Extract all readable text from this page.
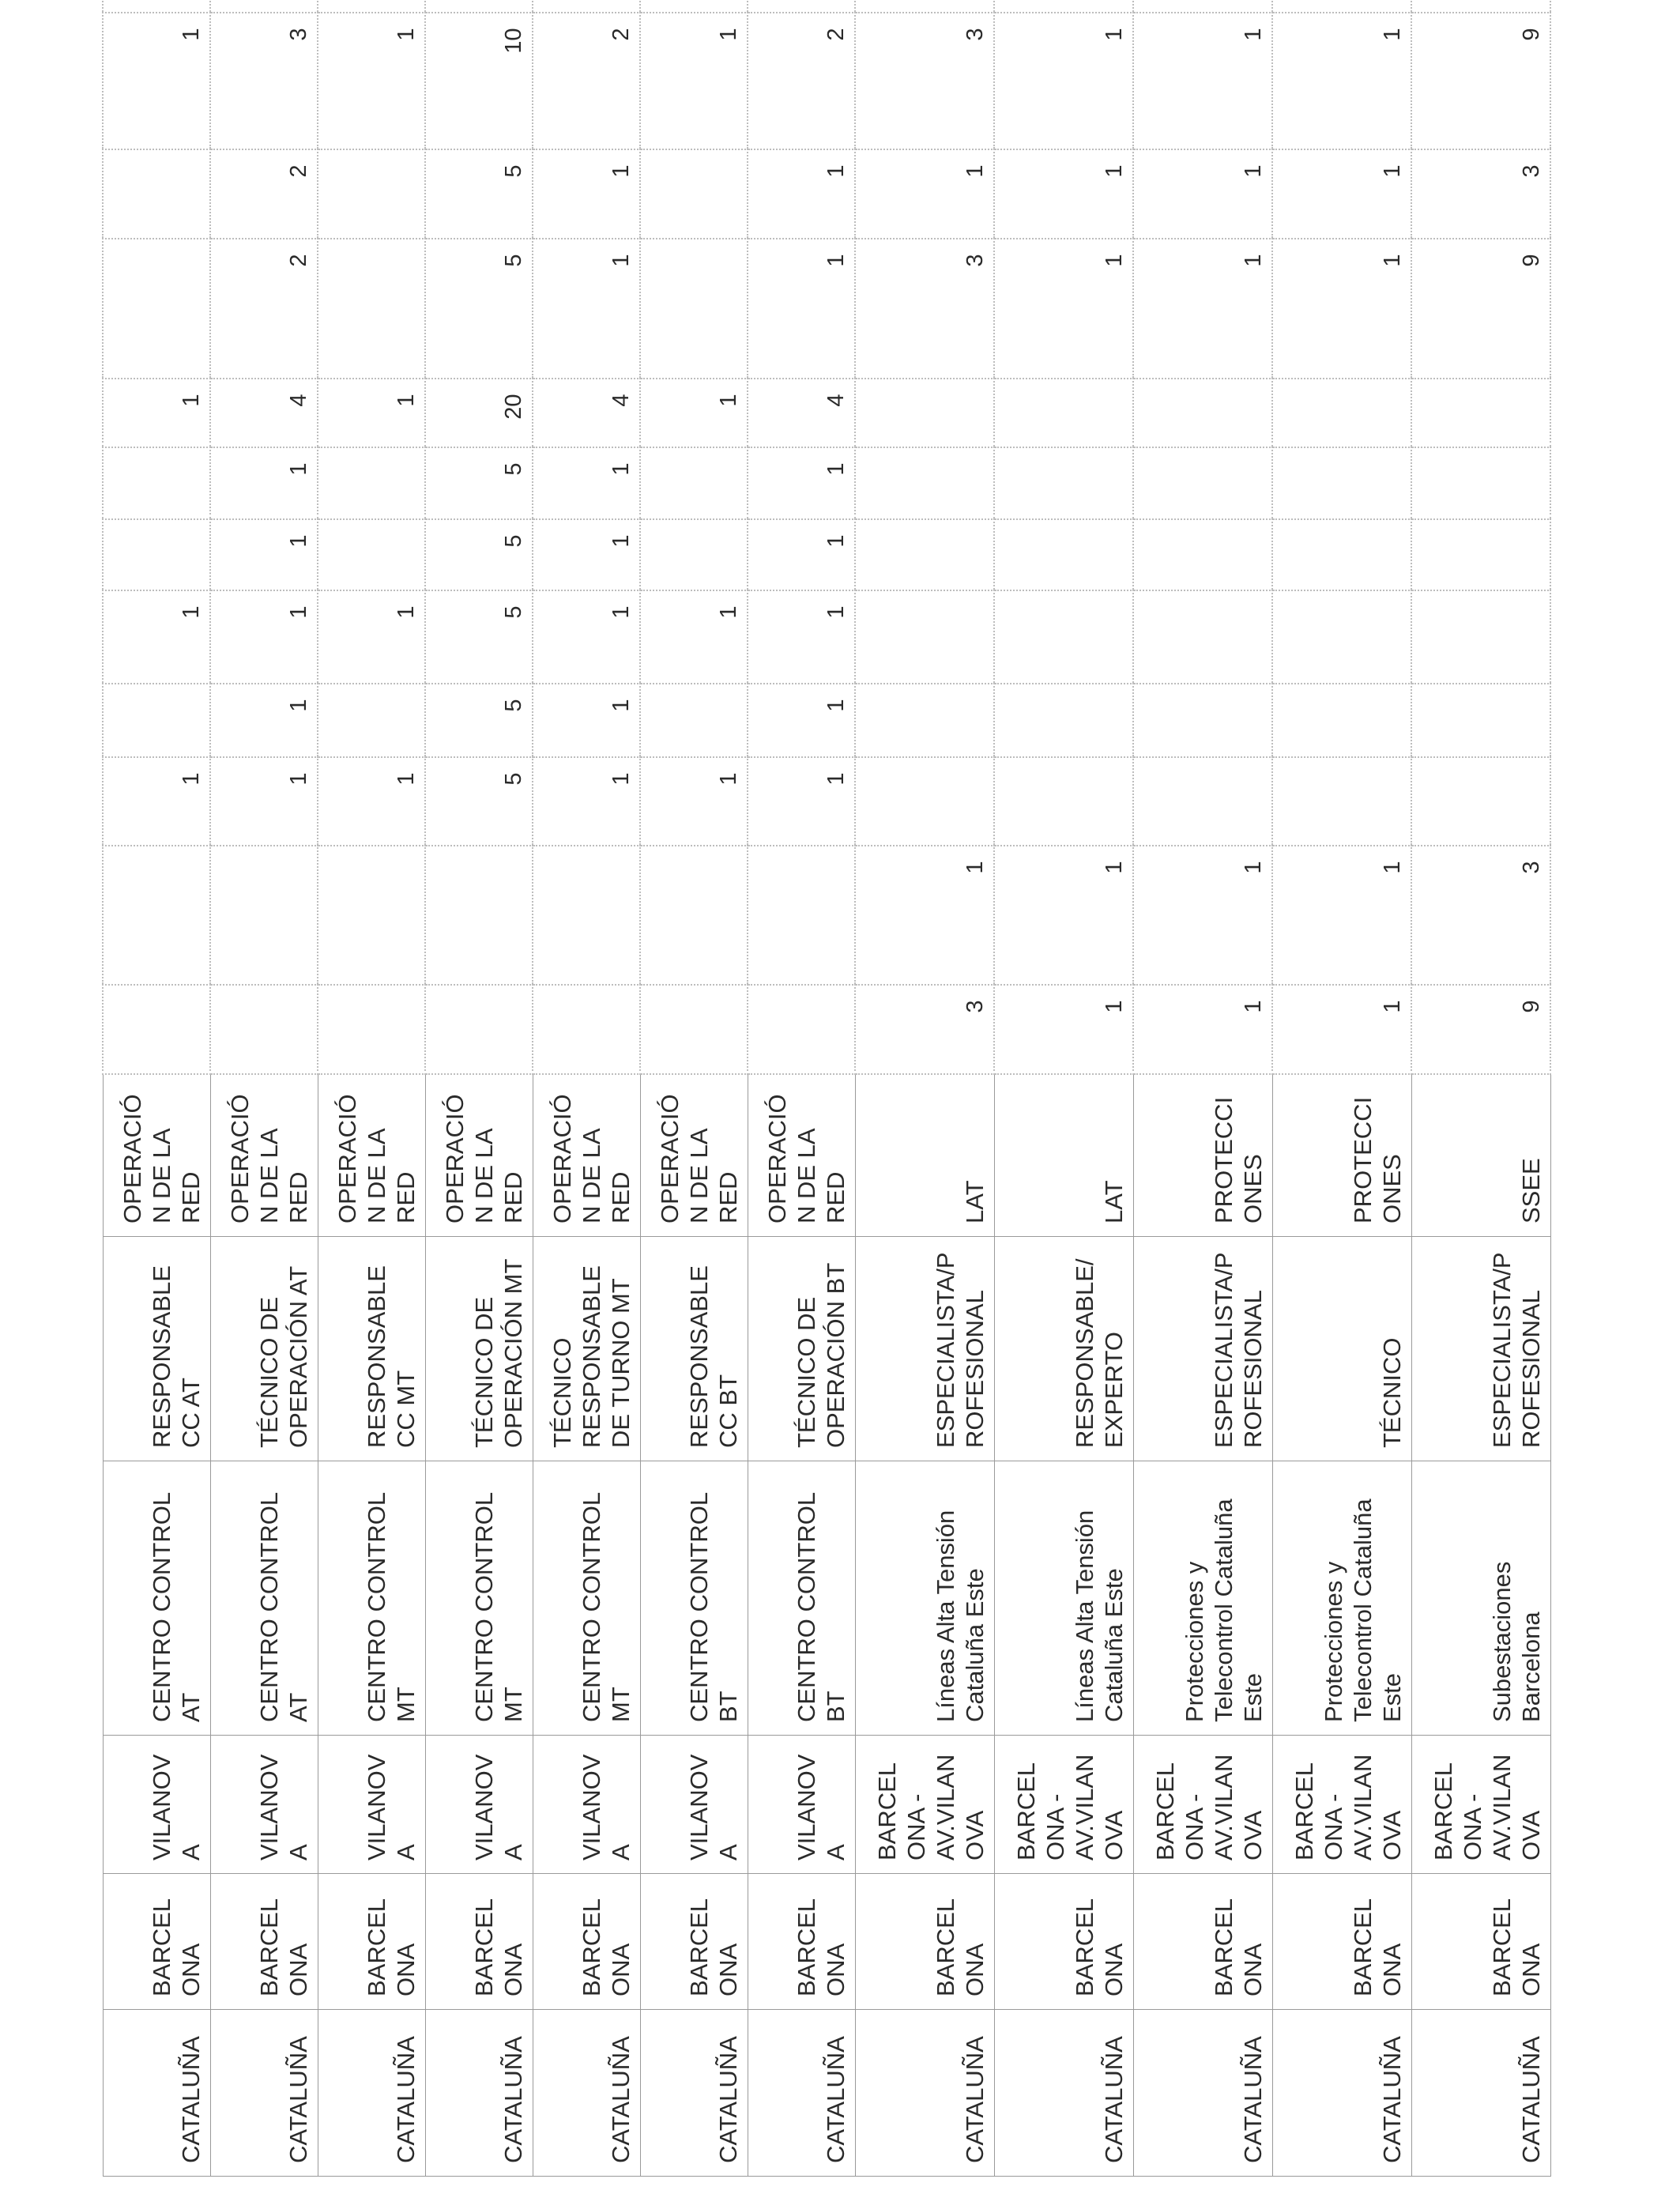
CATALUÑA	BARCELONA	VILANOVA	CENTRO CONTROL AT	RESPONSABLE CC AT	OPERACIÓN DE LA RED			1		1			1			1

CATALUÑA	BARCELONA	VILANOVA	CENTRO CONTROL AT	TÉCNICO DE OPERACIÓN AT	OPERACIÓN DE LA RED			1	1	1	1	1	4	2	2	3

CATALUÑA	BARCELONA	VILANOVA	CENTRO CONTROL MT	RESPONSABLE CC MT	OPERACIÓN DE LA RED			1		1			1			1

CATALUÑA	BARCELONA	VILANOVA	CENTRO CONTROL MT	TÉCNICO DE OPERACIÓN MT	OPERACIÓN DE LA RED			5	5	5	5	5	20	5	5	10

CATALUÑA	BARCELONA	VILANOVA	CENTRO CONTROL MT	TÉCNICO RESPONSABLE DE TURNO MT	OPERACIÓN DE LA RED			1	1	1	1	1	4	1	1	2

CATALUÑA	BARCELONA	VILANOVA	CENTRO CONTROL BT	RESPONSABLE CC BT	OPERACIÓN DE LA RED			1		1			1			1

CATALUÑA	BARCELONA	VILANOVA	CENTRO CONTROL BT	TÉCNICO DE OPERACIÓN BT	OPERACIÓN DE LA RED			1	1	1	1	1	4	1	1	2

CATALUÑA	BARCELONA	BARCELONA - AV.VILANOVA	Líneas Alta Tensión Cataluña Este	ESPECIALISTA/PROFESIONAL	LAT	3	1							3	1	3

CATALUÑA	BARCELONA	BARCELONA - AV.VILANOVA	Líneas Alta Tensión Cataluña Este	RESPONSABLE/EXPERTO	LAT	1	1							1	1	1

CATALUÑA	BARCELONA	BARCELONA - AV.VILANOVA	Protecciones y Telecontrol Cataluña Este	ESPECIALISTA/PROFESIONAL	PROTECCIONES	1	1							1	1	1

CATALUÑA	BARCELONA	BARCELONA - AV.VILANOVA	Protecciones y Telecontrol Cataluña Este	TÉCNICO	PROTECCIONES	1	1							1	1	1

CATALUÑA	BARCELONA	BARCELONA - AV.VILANOVA	Subestaciones Barcelona	ESPECIALISTA/PROFESIONAL	SSEE	9	3							9	3	9
